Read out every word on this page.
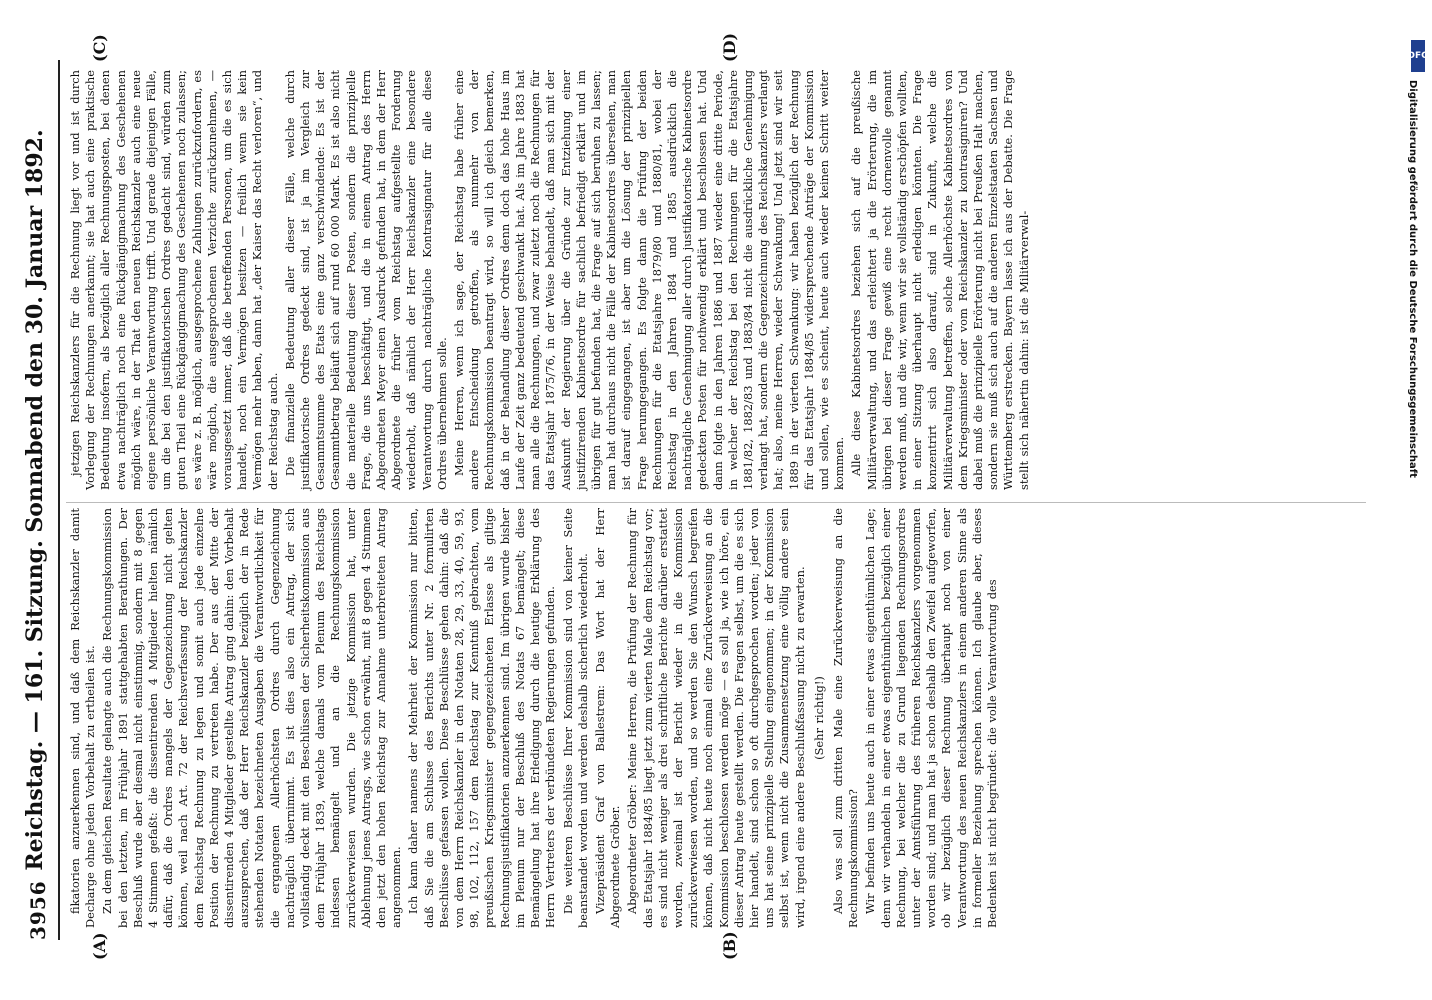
3956
Reichstag. — 161. Sitzung. Sonnabend den 30. Januar 1892.
(A)	(B)
(C)	(D)

fikatorien anzuerkennen sind, und daß dem Reichskanzler damit Decharge ohne jeden Vorbehalt zu ertheilen ist. Zu dem gleichen Resultate gelangte auch die Rechnungskommission bei den letzten, im Frühjahr 1891 stattgehabten Berathungen. Der Beschluß wurde aber diesmal nicht einstimmig, sondern mit 8 gegen 4 Stimmen gefaßt: die dissentirenden 4 Mitglieder hielten nämlich dafür, daß die Ordres mangels der Gegenzeichnung nicht gelten können, weil nach Art. 72 der Reichsverfassung der Reichskanzler dem Reichstag Rechnung zu legen und somit auch jede einzelne Position der Rechnung zu vertreten habe. Der aus der Mitte der dissentirenden 4 Mitglieder gestellte Antrag ging dahin: den Vorbehalt auszusprechen, daß der Herr Reichskanzler bezüglich der in Rede stehenden Notaten bezeichneten Ausgaben die Verantwortlichkeit für die ergangenen Allerhöchsten Ordres durch Gegenzeichnung nachträglich übernimmt. Es ist dies also ein Antrag, der sich vollständig deckt mit den Beschlüssen der Sicherheitskommission aus dem Frühjahr 1839, welche damals vom Plenum des Reichstags indessen bemängelt und an die Rechnungskommission zurückverwiesen wurden. Die jetzige Kommission hat, unter Ablehnung jenes Antrags, wie schon erwähnt, mit 8 gegen 4 Stimmen den jetzt den hohen Reichstag zur Annahme unterbreiteten Antrag angenommen. Ich kann daher namens der Mehrheit der Kommission nur bitten, daß Sie die am Schlusse des Berichts unter Nr. 2 formulirten Beschlüsse gefassen wollen. Diese Beschlüsse gehen dahin: daß die von dem Herrn Reichskanzler in den Notaten 28, 29, 33, 40, 59, 93, 98, 102, 112, 157 dem Reichstag zur Kenntniß gebrachten, vom preußischen Kriegsminister gegengezeichneten Erlasse als giltige Rechnungsjustifikatorien anzuerkennen sind. Im übrigen wurde bisher im Plenum nur der Beschluß des Notats 67 bemängelt; diese Bemängelung hat ihre Erledigung durch die heutige Erklärung des Herrn Vertreters der verbündeten Regierungen gefunden. Die weiteren Beschlüsse Ihrer Kommission sind von keiner Seite beanstandet worden und werden deshalb sicherlich wiederholt. Vizepräsident Graf von Ballestrem: Das Wort hat der Herr Abgeordnete Gröber. Abgeordneter Gröber: Meine Herren, die Prüfung der Rechnung für das Etatsjahr 1884/85 liegt jetzt zum vierten Male dem Reichstag vor; es sind nicht weniger als drei schriftliche Berichte darüber erstattet worden, zweimal ist der Bericht wieder in die Kommission zurückverwiesen worden, und so werden Sie den Wunsch begreifen können, daß nicht heute noch einmal eine Zurückverweisung an die Kommission beschlossen werden möge — es soll ja, wie ich höre, ein dieser Antrag heute gestellt werden. Die Fragen selbst, um die es sich hier handelt, sind schon so oft durchgesprochen worden; jeder von uns hat seine prinzipielle Stellung eingenommen; in der Kommission selbst ist, wenn nicht die Zusammensetzung eine völlig andere sein wird, irgend eine andere Beschlußfassung nicht zu erwarten. (Sehr richtig!) Also was soll zum dritten Male eine Zurückverweisung an die Rechnungskommission? Wir befinden uns heute auch in einer etwas eigenthümlichen Lage; denn wir verhandeln in einer etwas eigenthümlichen bezüglich einer Rechnung, bei welcher die zu Grund liegenden Rechnungsordres unter der Amtsführung des früheren Reichskanzlers vorgenommen worden sind; und man hat ja schon deshalb den Zweifel aufgeworfen, ob wir bezüglich dieser Rechnung überhaupt noch von einer Verantwortung des neuen Reichskanzlers in einem anderen Sinne als in formeller Beziehung sprechen können. Ich glaube aber, dieses Bedenken ist nicht begründet: die volle Verantwortung des

jetzigen Reichskanzlers für die Rechnung liegt vor und ist durch Vorlegung der Rechnungen anerkannt; sie hat auch eine praktische Bedeutung insofern, als bezüglich aller Rechnungsposten, bei denen etwa nachträglich noch eine Rückgängigmachung des Geschehenen möglich wäre, in der That den neuen Reichskanzler auch eine neue eigene persönliche Verantwortung trifft. Und gerade diejenigen Fälle, um die bei den justifikatorischen Ordres gedacht sind, würden zum guten Theil eine Rückgängigmachung des Geschehenen noch zulassen; es wäre z. B. möglich, ausgesprochene Zahlungen zurückzufordern, es wäre möglich, die ausgesprochenen Verzichte zurückzunehmen, — vorausgesetzt immer, daß die betreffenden Personen, um die es sich handelt, noch ein Vermögen besitzen — freilich wenn sie kein Vermögen mehr haben, dann hat „der Kaiser das Recht verloren“, und der Reichstag auch. Die finanzielle Bedeutung aller dieser Fälle, welche durch justifikatorische Ordres gedeckt sind, ist ja im Vergleich zur Gesammtsumme des Etats eine ganz verschwindende: Es ist der Gesammtbetrag beläuft sich auf rund 60 000 Mark. Es ist also nicht die materielle Bedeutung dieser Posten, sondern die prinzipielle Frage, die uns beschäftigt, und die in einem Antrag des Herrn Abgeordneten Meyer einen Ausdruck gefunden hat, in dem der Herr Abgeordnete die früher vom Reichstag aufgestellte Forderung wiederholt, daß nämlich der Herr Reichskanzler eine besondere Verantwortung durch nachträgliche Kontrasignatur für alle diese Ordres übernehmen solle. Meine Herren, wenn ich sage, der Reichstag habe früher eine andere Entscheidung getroffen, als nunmehr von der Rechnungskommission beantragt wird, so will ich gleich bemerken, daß in der Behandlung dieser Ordres denn doch das hohe Haus im Laufe der Zeit ganz bedeutend geschwankt hat. Als im Jahre 1883 hat man alle die Rechnungen, und zwar zuletzt noch die Rechnungen für das Etatsjahr 1875/76, in der Weise behandelt, daß man sich mit der Auskunft der Regierung über die Gründe zur Entziehung einer justifizirenden Kabinetsordre für sachlich befriedigt erklärt und im übrigen für gut befunden hat, die Frage auf sich beruhen zu lassen; man hat durchaus nicht die Fälle der Kabinetsordres übersehen, man ist darauf eingegangen, ist aber um die Lösung der prinzipiellen Frage herumgegangen. Es folgte dann die Prüfung der beiden Rechnungen für die Etatsjahre 1879/80 und 1880/81, wobei der Reichstag in den Jahren 1884 und 1885 ausdrücklich die nachträgliche Genehmigung aller durch justifikatorische Kabinetsordre gedeckten Posten für nothwendig erklärt und beschlossen hat. Und dann folgte in den Jahren 1886 und 1887 wieder eine dritte Periode, in welcher der Reichstag bei den Rechnungen für die Etatsjahre 1881/82, 1882/83 und 1883/84 nicht die ausdrückliche Genehmigung verlangt hat, sondern die Gegenzeichnung des Reichskanzlers verlangt hat; also, meine Herren, wieder Schwankung! Und jetzt sind wir seit 1889 in der vierten Schwankung: wir haben bezüglich der Rechnung für das Etatsjahr 1884/85 widersprechende Anträge der Kommission und sollen, wie es scheint, heute auch wieder keinen Schritt weiter kommen. Alle diese Kabinetsordres beziehen sich auf die preußische Militärverwaltung, und das erleichtert ja die Erörterung, die im übrigen bei dieser Frage gewiß eine recht dornenvolle genannt werden muß, und die wir, wenn wir sie vollständig erschöpfen wollten, in einer Sitzung überhaupt nicht erledigen könnten. Die Frage konzentrirt sich also darauf, sind in Zukunft, welche die Militärverwaltung betreffen, solche Allerhöchste Kabinetsordres von dem Kriegsminister oder vom Reichskanzler zu kontrasigniren? Und dabei muß die prinzipielle Erörterung nicht bei Preußen Halt machen, sondern sie muß sich auch auf die anderen Einzelstaaten Sachsen und Württemberg erstrecken. Bayern lasse ich aus der Debatte. Die Frage stellt sich nähertin dahin: ist die Militärverwal-

DFG
Digitalisierung gefördert durch die Deutsche Forschungsgemeinschaft
